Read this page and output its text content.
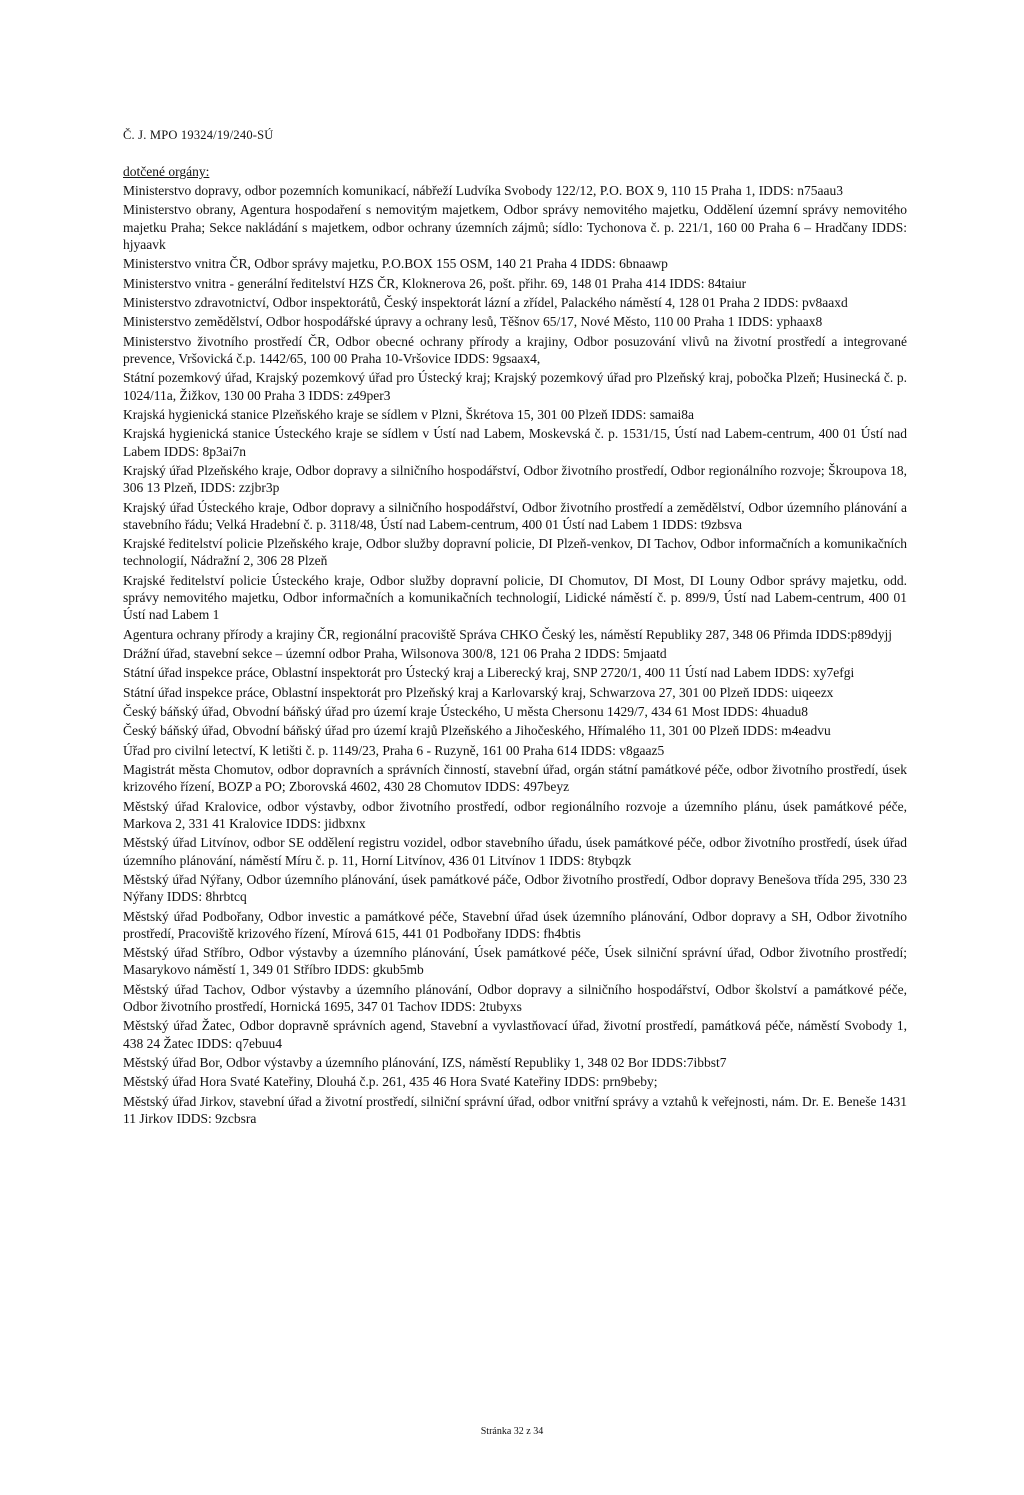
Č. J. MPO 19324/19/240-SÚ
dotčené orgány:

Ministerstvo dopravy, odbor pozemních komunikací, nábřeží Ludvíka Svobody 122/12, P.O. BOX 9, 110 15 Praha 1, IDDS: n75aau3

Ministerstvo obrany, Agentura hospodaření s nemovitým majetkem, Odbor správy nemovitého majetku, Oddělení územní správy nemovitého majetku Praha; Sekce nakládání s majetkem, odbor ochrany územních zájmů; sídlo: Tychonova č. p. 221/1, 160 00 Praha 6 – Hradčany IDDS: hjyaavk

Ministerstvo vnitra ČR, Odbor správy majetku, P.O.BOX 155 OSM, 140 21 Praha 4 IDDS: 6bnaawp

Ministerstvo vnitra - generální ředitelství HZS ČR, Kloknerova 26, pošt. přihr. 69, 148 01 Praha 414 IDDS: 84taiur

Ministerstvo zdravotnictví, Odbor inspektorátů, Český inspektorát lázní a zřídel, Palackého náměstí 4, 128 01 Praha 2 IDDS: pv8aaxd

Ministerstvo zemědělství, Odbor hospodářské úpravy a ochrany lesů, Těšnov 65/17, Nové Město, 110 00 Praha 1 IDDS: yphaax8

Ministerstvo životního prostředí ČR, Odbor obecné ochrany přírody a krajiny, Odbor posuzování vlivů na životní prostředí a integrované prevence, Vršovická č.p. 1442/65, 100 00 Praha 10-Vršovice IDDS: 9gsaax4,

Státní pozemkový úřad, Krajský pozemkový úřad pro Ústecký kraj; Krajský pozemkový úřad pro Plzeňský kraj, pobočka Plzeň; Husinecká č. p. 1024/11a, Žižkov, 130 00 Praha 3 IDDS: z49per3

Krajská hygienická stanice Plzeňského kraje se sídlem v Plzni, Škrétova 15, 301 00 Plzeň IDDS: samai8a

Krajská hygienická stanice Ústeckého kraje se sídlem v Ústí nad Labem, Moskevská č. p. 1531/15, Ústí nad Labem-centrum, 400 01 Ústí nad Labem IDDS: 8p3ai7n

Krajský úřad Plzeňského kraje, Odbor dopravy a silničního hospodářství, Odbor životního prostředí, Odbor regionálního rozvoje; Škroupova 18, 306 13 Plzeň, IDDS: zzjbr3p

Krajský úřad Ústeckého kraje, Odbor dopravy a silničního hospodářství, Odbor životního prostředí a zemědělství, Odbor územního plánování a stavebního řádu; Velká Hradební č. p. 3118/48, Ústí nad Labem-centrum, 400 01 Ústí nad Labem 1 IDDS: t9zbsva

Krajské ředitelství policie Plzeňského kraje, Odbor služby dopravní policie, DI Plzeň-venkov, DI Tachov, Odbor informačních a komunikačních technologií, Nádražní 2, 306 28 Plzeň

Krajské ředitelství policie Ústeckého kraje, Odbor služby dopravní policie, DI Chomutov, DI Most, DI Louny Odbor správy majetku, odd. správy nemovitého majetku, Odbor informačních a komunikačních technologií, Lidické náměstí č. p. 899/9, Ústí nad Labem-centrum, 400 01 Ústí nad Labem 1

Agentura ochrany přírody a krajiny ČR, regionální pracoviště Správa CHKO Český les, náměstí Republiky 287, 348 06 Přimda IDDS:p89dyjj

Drážní úřad, stavební sekce – územní odbor Praha, Wilsonova 300/8, 121 06 Praha 2 IDDS: 5mjaatd

Státní úřad inspekce práce, Oblastní inspektorát pro Ústecký kraj a Liberecký kraj, SNP 2720/1, 400 11 Ústí nad Labem IDDS: xy7efgi

Státní úřad inspekce práce, Oblastní inspektorát pro Plzeňský kraj a Karlovarský kraj, Schwarzova 27, 301 00 Plzeň IDDS: uiqeezx

Český báňský úřad, Obvodní báňský úřad pro území kraje Ústeckého, U města Chersonu 1429/7, 434 61 Most IDDS: 4huadu8

Český báňský úřad, Obvodní báňský úřad pro území krajů Plzeňského a Jihočeského, Hřímalého 11, 301 00 Plzeň IDDS: m4eadvu

Úřad pro civilní letectví, K letišti č. p. 1149/23, Praha 6 - Ruzyně, 161 00 Praha 614 IDDS: v8gaaz5

Magistrát města Chomutov, odbor dopravních a správních činností, stavební úřad, orgán státní památkové péče, odbor životního prostředí, úsek krizového řízení, BOZP a PO; Zborovská 4602, 430 28 Chomutov IDDS: 497beyz

Městský úřad Kralovice, odbor výstavby, odbor životního prostředí, odbor regionálního rozvoje a územního plánu, úsek památkové péče, Markova 2, 331 41 Kralovice IDDS: jidbxnx

Městský úřad Litvínov, odbor SE oddělení registru vozidel, odbor stavebního úřadu, úsek památkové péče, odbor životního prostředí, úsek úřad územního plánování, náměstí Míru č. p. 11, Horní Litvínov, 436 01 Litvínov 1 IDDS: 8tybqzk

Městský úřad Nýřany, Odbor územního plánování, úsek památkové páče, Odbor životního prostředí, Odbor dopravy Benešova třída 295, 330 23 Nýřany IDDS: 8hrbtcq

Městský úřad Podbořany, Odbor investic a památkové péče, Stavební úřad úsek územního plánování, Odbor dopravy a SH, Odbor životního prostředí, Pracoviště krizového řízení, Mírová 615, 441 01 Podbořany IDDS: fh4btis

Městský úřad Stříbro, Odbor výstavby a územního plánování, Úsek památkové péče, Úsek silniční správní úřad, Odbor životního prostředí; Masarykovo náměstí 1, 349 01 Stříbro IDDS: gkub5mb

Městský úřad Tachov, Odbor výstavby a územního plánování, Odbor dopravy a silničního hospodářství, Odbor školství a památkové péče, Odbor životního prostředí, Hornická 1695, 347 01 Tachov IDDS: 2tubyxs

Městský úřad Žatec, Odbor dopravně správních agend, Stavební a vyvlastňovací úřad, životní prostředí, památková péče, náměstí Svobody 1, 438 24 Žatec IDDS: q7ebuu4

Městský úřad Bor, Odbor výstavby a územního plánování, IZS, náměstí Republiky 1, 348 02 Bor IDDS:7ibbst7

Městský úřad Hora Svaté Kateřiny, Dlouhá č.p. 261, 435 46 Hora Svaté Kateřiny IDDS: prn9beby;

Městský úřad Jirkov, stavební úřad a životní prostředí, silniční správní úřad, odbor vnitřní správy a vztahů k veřejnosti, nám. Dr. E. Beneše 1431 11 Jirkov IDDS: 9zcbsra

Stránka 32 z 34
